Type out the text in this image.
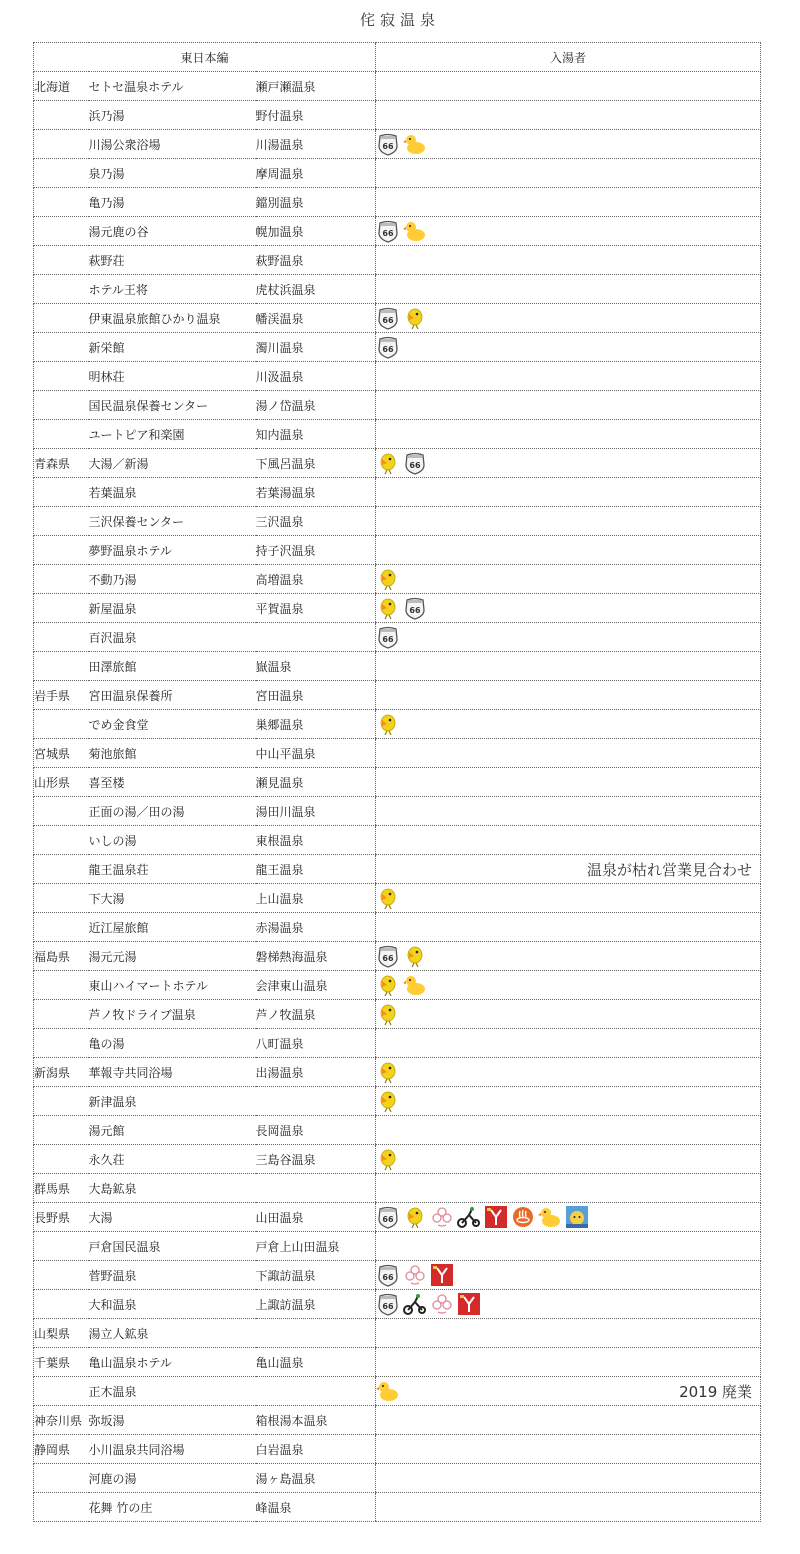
侘寂温泉
東日本編			入湯者
北海道	セトセ温泉ホテル	瀬戸瀬温泉	
	浜乃湯	野付温泉	
	川湯公衆浴場	川湯温泉	66

	泉乃湯	摩周温泉	
	亀乃湯	鐺別温泉	
	湯元鹿の谷	幌加温泉	66

	萩野荘	萩野温泉	
	ホテル王将	虎杖浜温泉	
	伊東温泉旅館ひかり温泉	幡渓温泉	66

	新栄館	濁川温泉	66

	明林荘	川汲温泉	
	国民温泉保養センター	湯ノ岱温泉	
	ユートピア和楽園	知内温泉	
青森県	大湯／新湯	下風呂温泉	66

	若葉温泉	若葉湯温泉	
	三沢保養センター	三沢温泉	
	夢野温泉ホテル	持子沢温泉	
	不動乃湯	高増温泉	

	新屋温泉	平賀温泉	66

	百沢温泉		66

	田澤旅館	嶽温泉	
岩手県	宮田温泉保養所	宮田温泉	
	でめ金食堂	巣郷温泉	

宮城県	菊池旅館	中山平温泉	
山形県	喜至楼	瀬見温泉	
	正面の湯／田の湯	湯田川温泉	
	いしの湯	東根温泉	
	龍王温泉荘	龍王温泉	温泉が枯れ営業見合わせ

	下大湯	上山温泉	

	近江屋旅館	赤湯温泉	
福島県	湯元元湯	磐梯熱海温泉	66

	東山ハイマートホテル	会津東山温泉	

	芦ノ牧ドライブ温泉	芦ノ牧温泉	

	亀の湯	八町温泉	
新潟県	華報寺共同浴場	出湯温泉	

	新津温泉		

	湯元館	長岡温泉	
	永久荘	三島谷温泉	

群馬県	大島鉱泉		
長野県	大湯	山田温泉	66

	戸倉国民温泉	戸倉上山田温泉	
	菅野温泉	下諏訪温泉	66

	大和温泉	上諏訪温泉	66

山梨県	湯立人鉱泉		
千葉県	亀山温泉ホテル	亀山温泉	
	正木温泉		2019 廃業

神奈川県	弥坂湯	箱根湯本温泉	
静岡県	小川温泉共同浴場	白岩温泉	
	河鹿の湯	湯ヶ島温泉	
	花舞 竹の庄	峰温泉	
